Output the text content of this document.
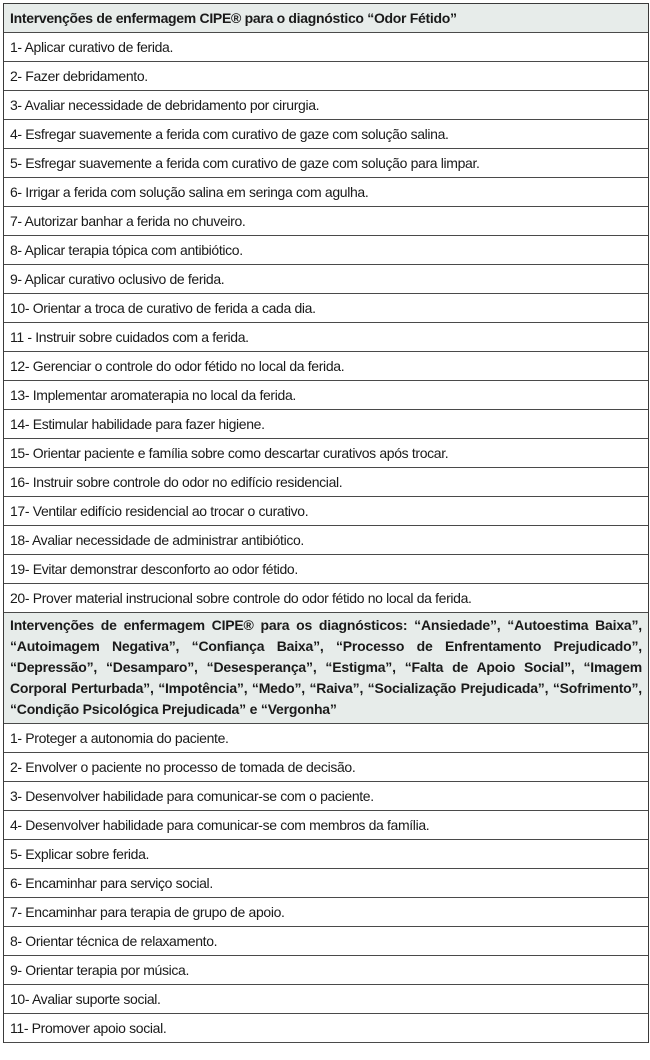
Intervenções de enfermagem CIPE® para o diagnóstico “Odor Fétido”
1- Aplicar curativo de ferida.
2- Fazer debridamento.
3- Avaliar necessidade de debridamento por cirurgia.
4- Esfregar suavemente a ferida com curativo de gaze com solução salina.
5- Esfregar suavemente a ferida com curativo de gaze com solução para limpar.
6- Irrigar a ferida com solução salina em seringa com agulha.
7- Autorizar banhar a ferida no chuveiro.
8- Aplicar terapia tópica com antibiótico.
9- Aplicar curativo oclusivo de ferida.
10- Orientar a troca de curativo de ferida a cada dia.
11 - Instruir sobre cuidados com a ferida.
12- Gerenciar o controle do odor fétido no local da ferida.
13- Implementar aromaterapia no local da ferida.
14- Estimular habilidade para fazer higiene.
15- Orientar paciente e família sobre como descartar curativos após trocar.
16- Instruir sobre controle do odor no edifício residencial.
17- Ventilar edifício residencial ao trocar o curativo.
18- Avaliar necessidade de administrar antibiótico.
19- Evitar demonstrar desconforto ao odor fétido.
20- Prover material instrucional sobre controle do odor fétido no local da ferida.
Intervenções de enfermagem CIPE® para os diagnósticos: “Ansiedade”, “Autoestima Baixa”, “Autoimagem Negativa”, “Confiança Baixa”, “Processo de Enfrentamento Prejudicado”, “Depressão”, “Desamparo”, “Desesperança”, “Estigma”, “Falta de Apoio Social”, “Imagem Corporal Perturbada”, “Impotência”, “Medo”, “Raiva”, “Socialização Prejudicada”, “Sofrimento”, “Condição Psicológica Prejudicada” e “Vergonha”
1- Proteger a autonomia do paciente.
2- Envolver o paciente no processo de tomada de decisão.
3- Desenvolver habilidade para comunicar-se com o paciente.
4- Desenvolver habilidade para comunicar-se com membros da família.
5- Explicar sobre ferida.
6- Encaminhar para serviço social.
7- Encaminhar para terapia de grupo de apoio.
8- Orientar técnica de relaxamento.
9- Orientar terapia por música.
10- Avaliar suporte social.
11- Promover apoio social.
